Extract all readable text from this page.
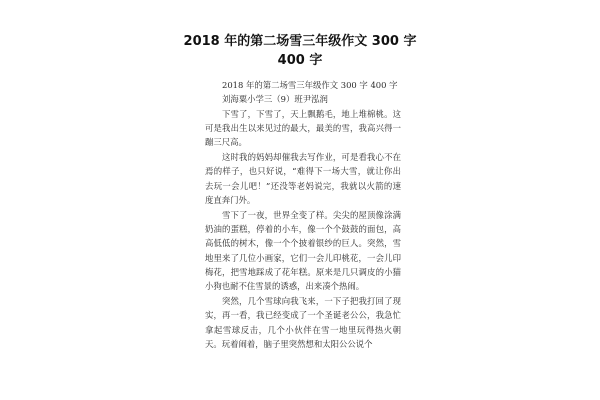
2018 年的第二场雪三年级作文 300 字
400 字
2018 年的第二场雪三年级作文 300 字 400 字
刘海粟小学三（9）班尹泓润

下雪了，下雪了，天上飘鹅毛，地上堆棉桃。这可是我出生以来见过的最大，最美的雪，我高兴得一蹦三尺高。

这时我的妈妈却催我去写作业，可是看我心不在焉的样子，也只好说，“难得下一场大雪，就让你出去玩一会儿吧！”还没等老妈说完，我就以火箭的速度直奔门外。

雪下了一夜，世界全变了样。尖尖的屋顶像涂满奶油的蛋糕，停着的小车，像一个个鼓鼓的面包，高高低低的树木，像一个个披着银纱的巨人。突然，雪地里来了几位小画家，它们一会儿印桃花，一会儿印梅花，把雪地踩成了花年糕。原来是几只调皮的小猫小狗也耐不住雪景的诱惑，出来凑个热闹。

突然，几个雪球向我飞来，一下子把我打回了现实，再一看，我已经变成了一个圣诞老公公，我急忙拿起雪球反击，几个小伙伴在雪一地里玩得热火朝天。玩着闹着，脑子里突然想和太阳公公说个
